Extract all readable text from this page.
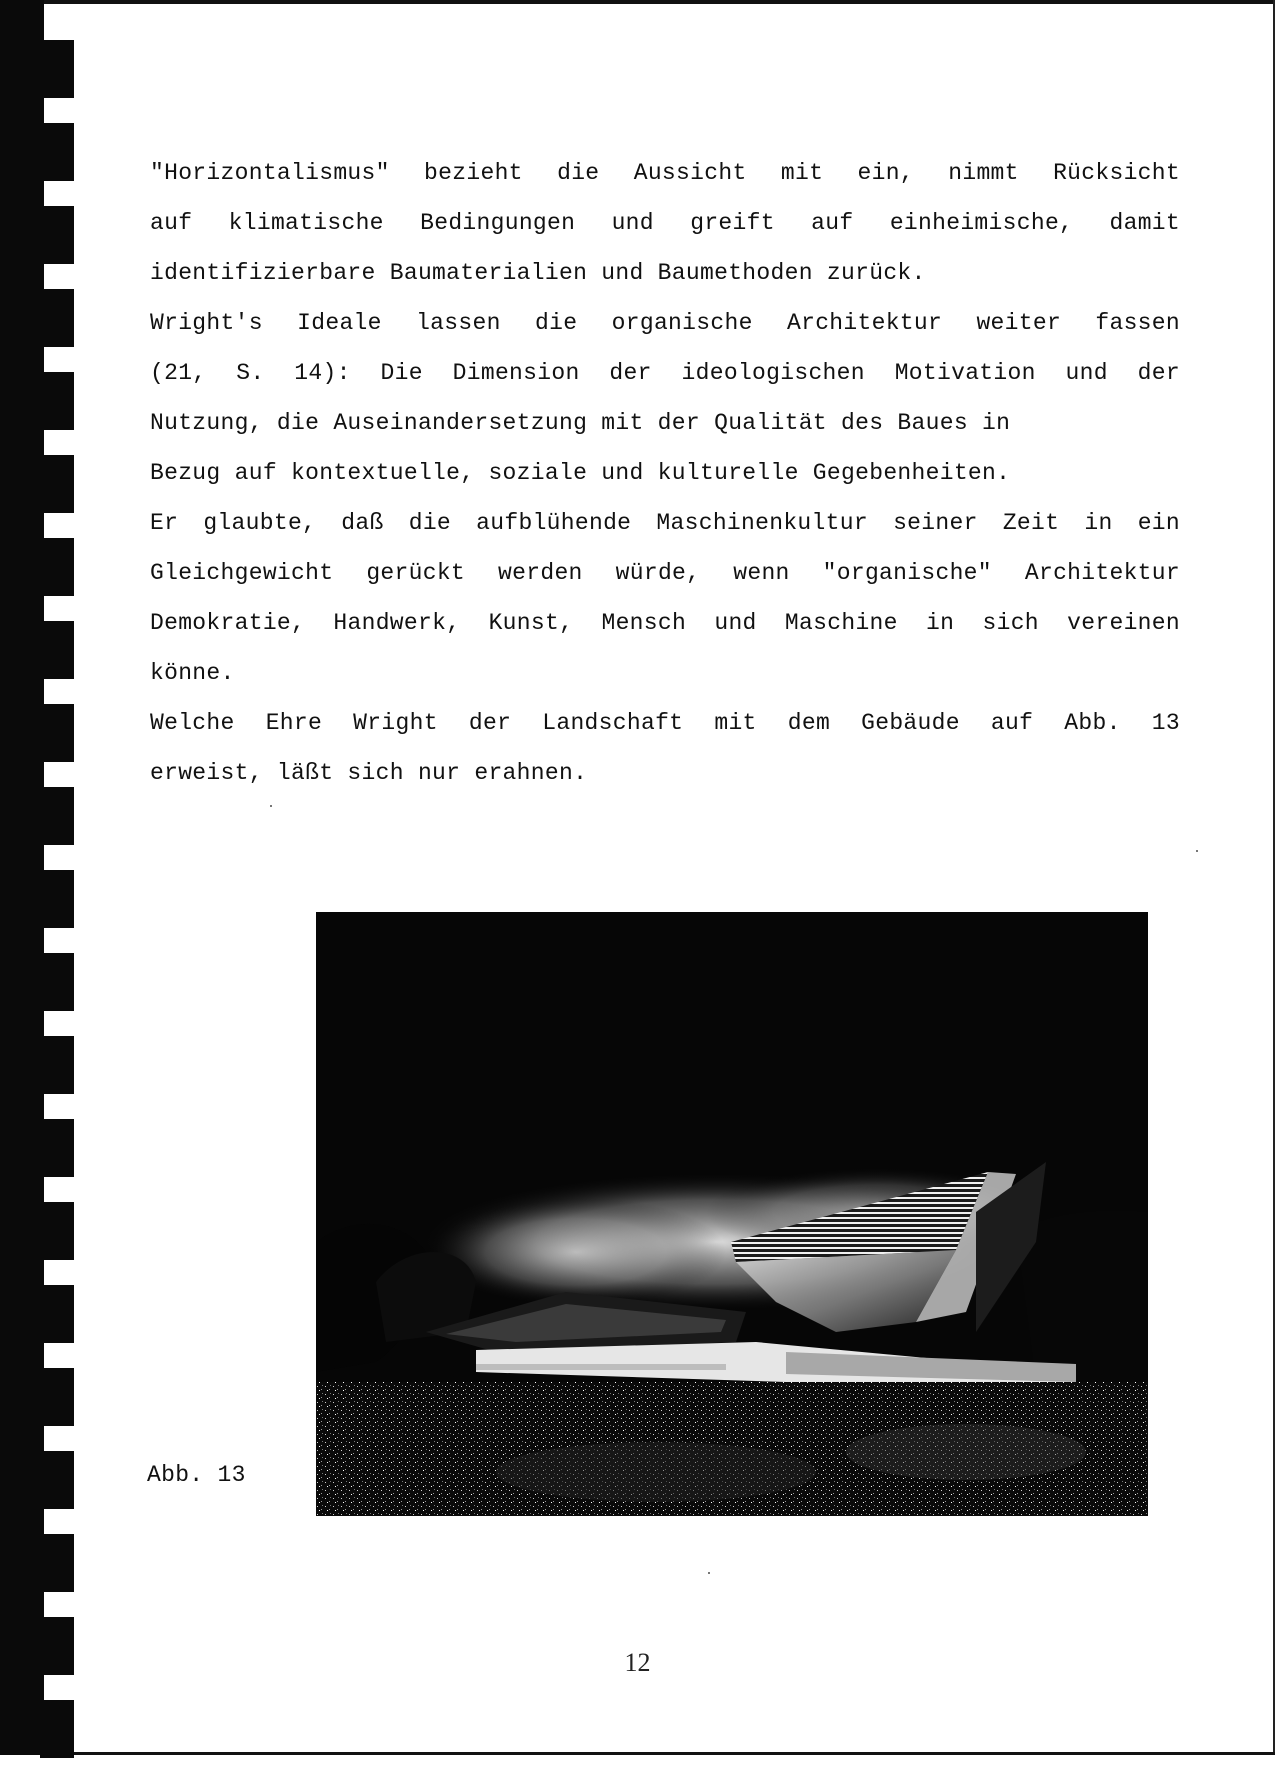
"Horizontalismus" bezieht die Aussicht mit ein, nimmt Rücksicht
auf klimatische Bedingungen und greift auf einheimische, damit
identifizierbare Baumaterialien und Baumethoden zurück.
Wright's Ideale lassen die organische Architektur weiter fassen
(21, S. 14): Die Dimension der ideologischen Motivation und der
Nutzung, die Auseinandersetzung mit der Qualität des Baues in
Bezug auf kontextuelle, soziale und kulturelle Gegebenheiten.
Er glaubte, daß die aufblühende Maschinenkultur seiner Zeit in ein
Gleichgewicht gerückt werden würde, wenn "organische" Architektur
Demokratie, Handwerk, Kunst, Mensch und Maschine in sich vereinen
könne.
Welche Ehre Wright der Landschaft mit dem Gebäude auf Abb. 13
erweist, läßt sich nur erahnen.
Abb. 13
12
